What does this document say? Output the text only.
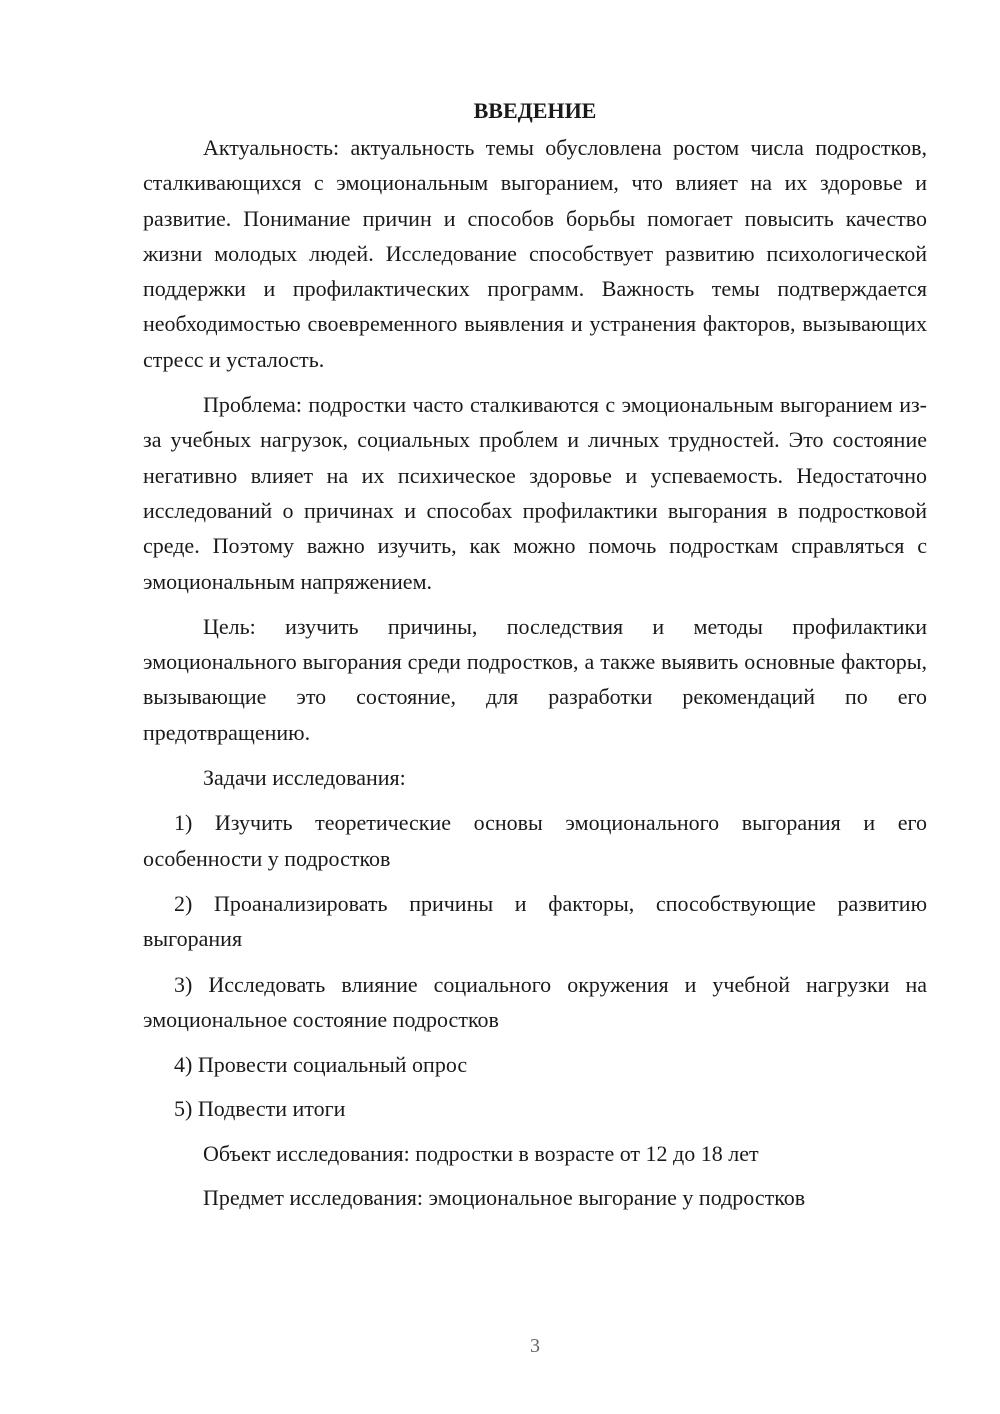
ВВЕДЕНИЕ

Актуальность: актуальность темы обусловлена ростом числа подростков, сталкивающихся с эмоциональным выгоранием, что влияет на их здоровье и развитие. Понимание причин и способов борьбы помогает повысить качество жизни молодых людей. Исследование способствует развитию психологической поддержки и профилактических программ. Важность темы подтверждается необходимостью своевременного выявления и устранения факторов, вызывающих стресс и усталость.

Проблема: подростки часто сталкиваются с эмоциональным выгоранием из-за учебных нагрузок, социальных проблем и личных трудностей. Это состояние негативно влияет на их психическое здоровье и успеваемость. Недостаточно исследований о причинах и способах профилактики выгорания в подростковой среде. Поэтому важно изучить, как можно помочь подросткам справляться с эмоциональным напряжением.

Цель: изучить причины, последствия и методы профилактики эмоционального выгорания среди подростков, а также выявить основные факторы, вызывающие это состояние, для разработки рекомендаций по его предотвращению.

Задачи исследования:

1) Изучить теоретические основы эмоционального выгорания и его особенности у подростков

2) Проанализировать причины и факторы, способствующие развитию выгорания

3) Исследовать влияние социального окружения и учебной нагрузки на эмоциональное состояние подростков

4) Провести социальный опрос

5) Подвести итоги

Объект исследования: подростки в возрасте от 12 до 18 лет

Предмет исследования: эмоциональное выгорание у подростков

3
